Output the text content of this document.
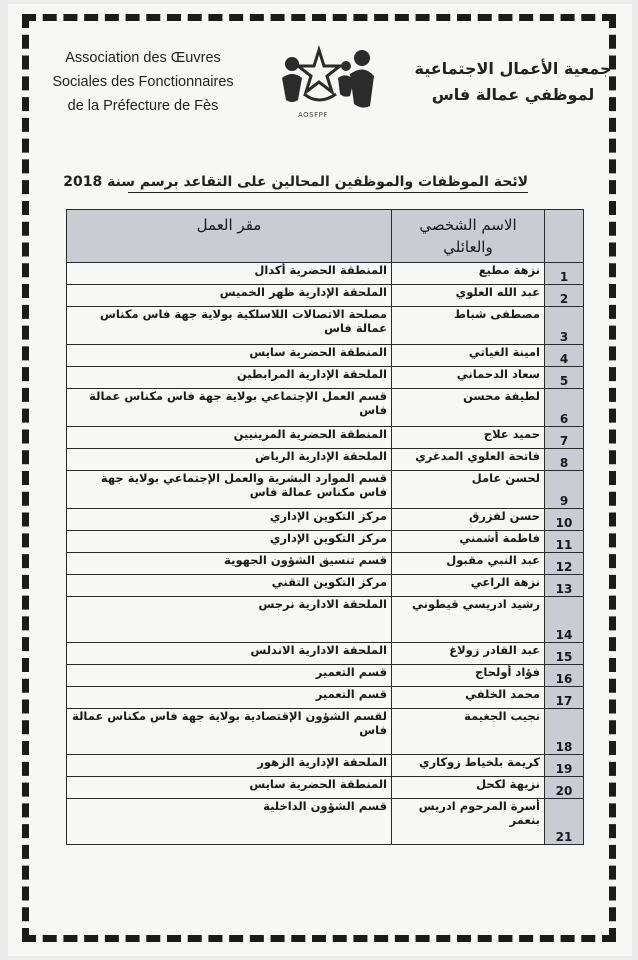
Association des Œuvres
Sociales des Fonctionnaires
de la Préfecture de Fès
AOSFPF
جمعية الأعمال الاجتماعية
لموظفي عمالة فاس
لائحة الموظفات والموظفين المحالين على التقاعد برسم سنة 2018
	الاسم الشخصي والعائلي	مقر العمل
1	نزهة مطيع	المنطقة الحضرية أكدال
2	عبد الله العلوي	الملحقة الإدارية ظهر الخميس
3	مصطفى شباط	مصلحة الاتصالات اللاسلكية بولاية جهة فاس مكناس عمالة فاس
4	امينة الغياتي	المنطقة الحضرية سايس
5	سعاد الدحماني	الملحقة الإدارية المرابطين
6	لطيفة محسن	قسم العمل الإجتماعي بولاية جهة فاس مكناس عمالة فاس
7	حميد علاج	المنطقة الحضرية المرينيين
8	فاتحة العلوي المدغري	الملحقة الإدارية الرياض
9	لحسن عامل	قسم الموارد البشرية والعمل الإجتماعي بولاية جهة فاس مكناس عمالة فاس
10	حسن لفزرق	مركز التكوين الإداري
11	فاطمة أشمني	مركز التكوين الإداري
12	عبد النبي مقبول	قسم تنسيق الشؤون الجهوية
13	نزهة الراعي	مركز التكوين التقني
14	رشيد ادريسي قيطوني	الملحقة الادارية نرجس
15	عبد القادر زولاغ	الملحقة الادارية الاندلس
16	فؤاد أولحاج	قسم التعمير
17	محمد الخلفي	قسم التعمير
18	نجيب الجغيمة	لقسم الشؤون الإقتصادية بولاية جهة فاس مكناس عمالة فاس
19	كريمة بلخياط زوكاري	الملحقة الإدارية الزهور
20	نزيهة لكحل	المنطقة الحضرية سايس
21	أسرة المرحوم ادريس بنعمر	قسم الشؤون الداخلية
